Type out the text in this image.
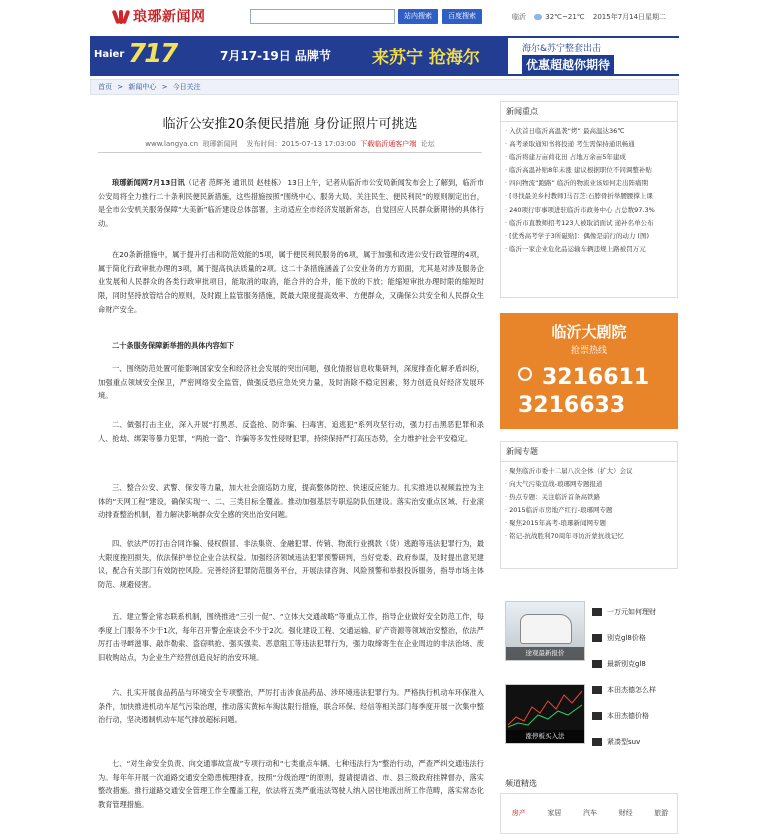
琅琊新闻网	站内搜索	百度搜索	临沂	32℃~21℃ 2015年7月14日星期二
Haier 717	7月17-19日 品牌节 来苏宁 抢海尔	海尔&苏宁整套出击
优惠超越你期待
首页 > 新闻中心 > 今日关注
临沂公安推20条便民措施 身份证照片可挑选
www.langya.cn 琅琊新闻网 发布时间：2015-07-13 17:03:00 下载临沂通客户端 论坛
琅琊新闻网7月13日讯（记者 范辉尧 通讯员 赵桂栋） 13日上午，记者从临沂市公安局新闻发布会上了解到，临沂市公安局将全力推行二十条利民便民新措施，这些措施按照“围绕中心、服务大局、关注民生、便民利民”的原则制定出台，是全市公安机关服务保障“大美新”临沂建设总体部署，主动适应全市经济发展新常态，自觉回应人民群众新期待的具体行动。
在20条新措施中，属于提升打击和防范效能的5项，属于便民利民服务的6项，属于加强和改进公安行政管理的4项，属于简化行政审批办理的3项，属于提高执法质量的2项。这二十条措施涵盖了公安业务的方方面面，尤其是对涉及服务企业发展和人民群众的各类行政审批项目，能取消的取消，能合并的合并，能下放的下放；能缩短审批办理时限的缩短时限，同时坚持放管结合的原则，及时跟上监管服务措施，既最大限度提高效率、方便群众，又确保公共安全和人民群众生命财产安全。
二十条服务保障新举措的具体内容如下
一、围绕防范处置可能影响国家安全和经济社会发展的突出问题，强化情报信息收集研判，深度排查化解矛盾纠纷，加强重点领域安全保卫，严密网络安全监管，做强反恐应急处突力量，及时消除不稳定因素，努力创造良好经济发展环境。
二、做强打击主业，深入开展“打黑恶、反盗抢、防诈骗、扫毒害、追逃犯”系列攻坚行动，强力打击黑恶犯罪和杀人、抢劫、绑架等暴力犯罪，“两抢一盗”、诈骗等多发性侵财犯罪，持续保持严打高压态势，全力维护社会平安稳定。
三、整合公安、武警、保安等力量，加大社会面巡防力度，提高整体防控、快速反应能力。扎实推进以视频监控为主体的“天网工程”建设，确保实现一、二、三类目标全覆盖。推动加强基层专职巡防队伍建设。落实治安重点区域、行业滚动排查整治机制，着力解决影响群众安全感的突出治安问题。
四、依法严厉打击合同诈骗、侵权假冒、非法集资、金融犯罪、传销、物流行业携款（货）逃跑等违法犯罪行为，最大限度挽回损失，依法保护单位企业合法权益。加强经济领域违法犯罪预警研判，当好党委、政府参谋，及时提出意见建议，配合有关部门有效防控风险。完善经济犯罪防范服务平台，开展法律咨询、风险预警和举报投诉服务，指导市场主体防范、规避侵害。
五、建立警企常态联系机制，围绕推进“三引一促”、“立体大交通战略”等重点工作，指导企业做好安全防范工作，每季度上门服务不少于1次，每年召开警企座谈会不少于2次。强化建设工程、交通运输、矿产资源等领域治安整治，依法严厉打击寻衅滋事、敲诈勒索、盗窃哄抢、强买强卖、恶意阻工等违法犯罪行为，强力取缔寄生在企业周边的非法治场、废旧收购站点，为企业生产经营创造良好的治安环境。
六、扎实开展食品药品与环境安全专项整治，严厉打击涉食品药品、涉环境违法犯罪行为。严格执行机动车环保准入条件，加快推进机动车尾气污染治理，推动落实黄标车淘汰限行措施，联合环保、经信等相关部门每季度开展一次集中整治行动，坚决遏制机动车尾气排放超标问题。
七、“对生命安全负责、向交通事故宣战”专项行动和“七类重点车辆、七种违法行为”整治行动，严查严纠交通违法行为。每年年开展一次道路交通安全隐患梳理排查，按照“分级治理”的原则，提请提请省、市、县三级政府挂牌督办，落实整改措施。推行道路交通安全管理工作全覆盖工程，依法将五类严重违法驾驶人纳入居住地派出所工作范畴，落实常态化教育管理措施。
新闻重点
· 入伏首日临沂高温袭“烤” 最高温达36℃
· 高考录取通知书将投递 考生需保持通讯畅通
· 临沂将建万亩荷花田 占地万余亩5年建成
· 临沂高温补贴8年未涨 建议根据职位不同调整补贴
· 四问物流“跑路” 临沂的物流业该如何走出阵痛期
· [寻找最美乡村教师]马召芝:石脖骨折举腰腰撑上课
· 240项行审事项进驻临沂市政务中心 占总数97.3%
· 临沂市直教师招考123人被取消面试 递补名单公布
· [优秀高考学子3所磁贴]：偶像是前行的动力 (图)
· 临沂一家企业危化品运输车辆违规上路被罚万元
临沂大剧院
抢票热线
3216611
3216633
新闻专题
· 聚焦临沂市委十二届八次全体（扩大）会议
· 向大气污染宣战-琅琊网专题报道
· 热点专题：关注临沂首条高铁路
· 2015临沂市房地产红行-琅琊网专题
· 聚焦2015年高考-琅琊新闻网专题
· 铭记-抗战胜利70周年寻访沂蒙抗战记忆
途观最新报价
涨停板买入法
一万元如何理财
别克gl8价格
最新别克gl8
本田杰德怎么样
本田杰德价格
紧凑型suv
频道精选
房产	家居	汽车	财经	旅游
